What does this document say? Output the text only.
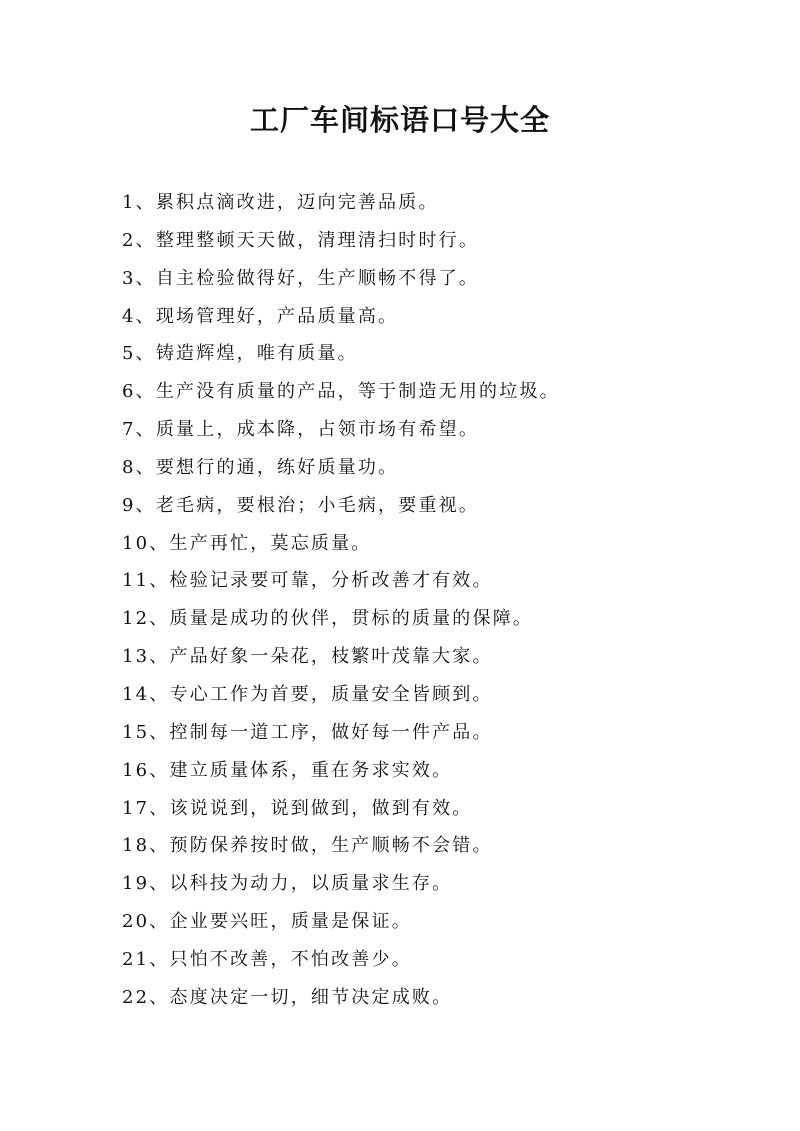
工厂车间标语口号大全
1、累积点滴改进，迈向完善品质。
2、整理整顿天天做，清理清扫时时行。
3、自主检验做得好，生产顺畅不得了。
4、现场管理好，产品质量高。
5、铸造辉煌，唯有质量。
6、生产没有质量的产品，等于制造无用的垃圾。
7、质量上，成本降，占领市场有希望。
8、要想行的通，练好质量功。
9、老毛病，要根治；小毛病，要重视。
10、生产再忙，莫忘质量。
11、检验记录要可靠，分析改善才有效。
12、质量是成功的伙伴，贯标的质量的保障。
13、产品好象一朵花，枝繁叶茂靠大家。
14、专心工作为首要，质量安全皆顾到。
15、控制每一道工序，做好每一件产品。
16、建立质量体系，重在务求实效。
17、该说说到，说到做到，做到有效。
18、预防保养按时做，生产顺畅不会错。
19、以科技为动力，以质量求生存。
20、企业要兴旺，质量是保证。
21、只怕不改善，不怕改善少。
22、态度决定一切，细节决定成败。
